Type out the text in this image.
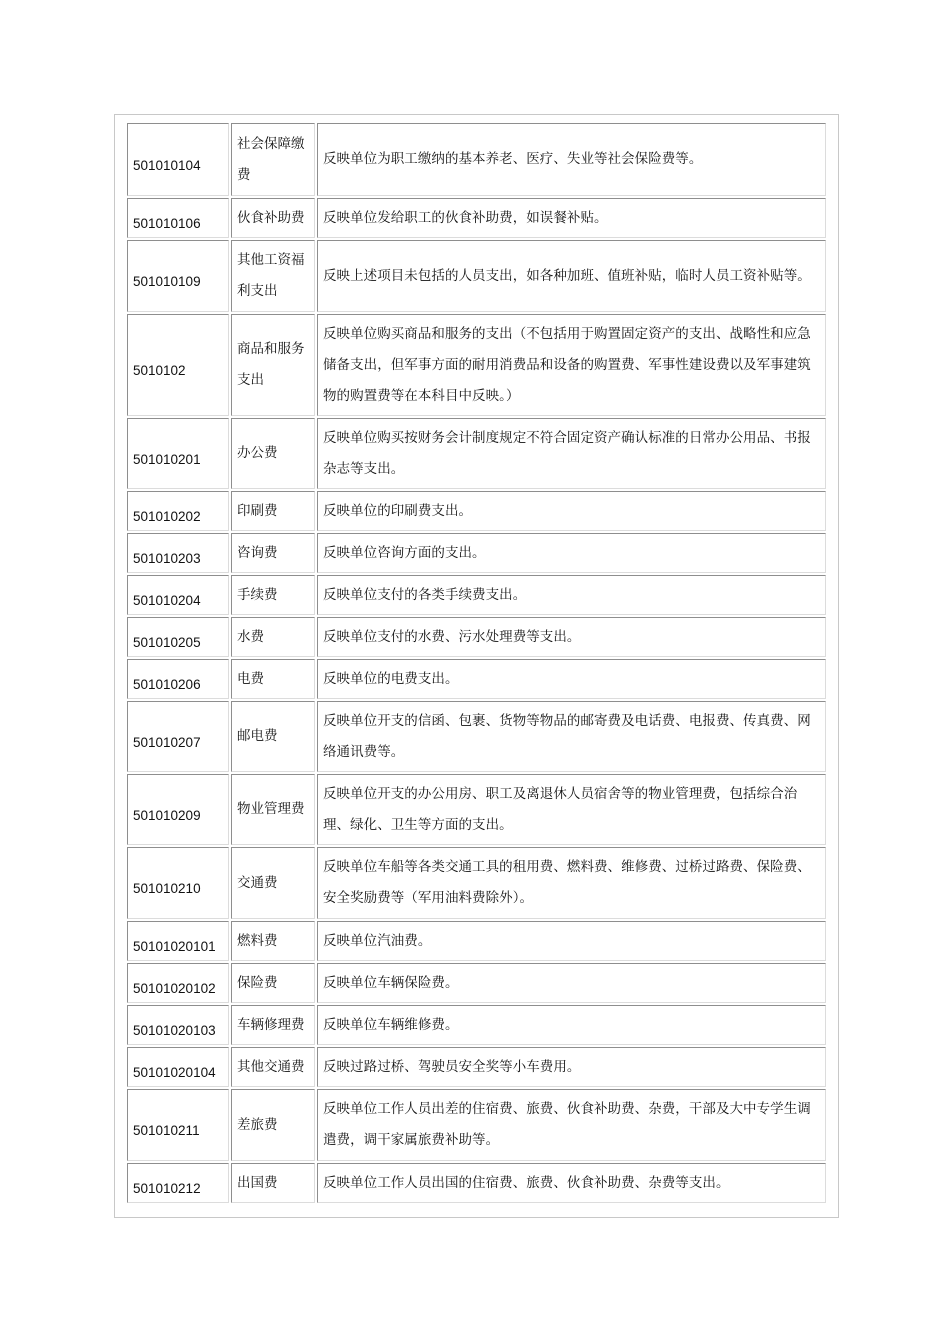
501010104	社会保障缴费	反映单位为职工缴纳的基本养老、医疗、失业等社会保险费等。
501010106	伙食补助费	反映单位发给职工的伙食补助费，如误餐补贴。
501010109	其他工资福利支出	反映上述项目未包括的人员支出，如各种加班、值班补贴，临时人员工资补贴等。
5010102	商品和服务支出	反映单位购买商品和服务的支出（不包括用于购置固定资产的支出、战略性和应急储备支出，但军事方面的耐用消费品和设备的购置费、军事性建设费以及军事建筑物的购置费等在本科目中反映。）
501010201	办公费	反映单位购买按财务会计制度规定不符合固定资产确认标准的日常办公用品、书报杂志等支出。
501010202	印刷费	反映单位的印刷费支出。
501010203	咨询费	反映单位咨询方面的支出。
501010204	手续费	反映单位支付的各类手续费支出。
501010205	水费	反映单位支付的水费、污水处理费等支出。
501010206	电费	反映单位的电费支出。
501010207	邮电费	反映单位开支的信函、包裹、货物等物品的邮寄费及电话费、电报费、传真费、网络通讯费等。
501010209	物业管理费	反映单位开支的办公用房、职工及离退休人员宿舍等的物业管理费，包括综合治理、绿化、卫生等方面的支出。
501010210	交通费	反映单位车船等各类交通工具的租用费、燃料费、维修费、过桥过路费、保险费、安全奖励费等（军用油料费除外）。
50101020101	燃料费	反映单位汽油费。
50101020102	保险费	反映单位车辆保险费。
50101020103	车辆修理费	反映单位车辆维修费。
50101020104	其他交通费	反映过路过桥、驾驶员安全奖等小车费用。
501010211	差旅费	反映单位工作人员出差的住宿费、旅费、伙食补助费、杂费，干部及大中专学生调遣费，调干家属旅费补助等。
501010212	出国费	反映单位工作人员出国的住宿费、旅费、伙食补助费、杂费等支出。
